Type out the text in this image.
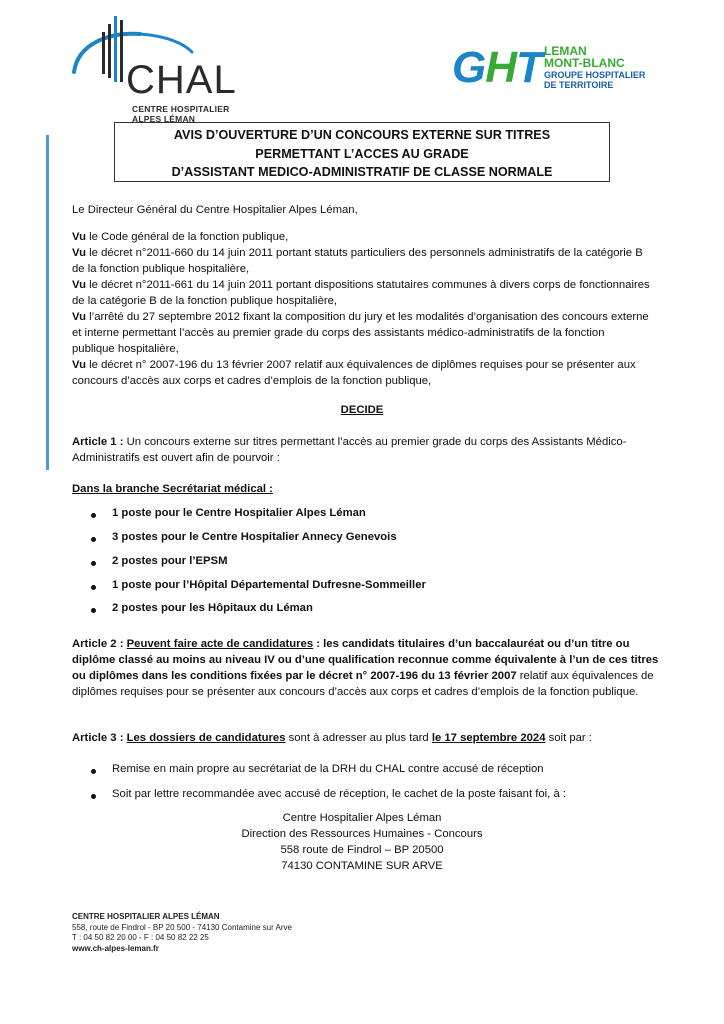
CHAL
CENTRE HOSPITALIER
ALPES LÉMAN
GHT LEMAN
MONT-BLANC
GROUPE HOSPITALIER
DE TERRITOIRE
AVIS D’OUVERTURE D’UN CONCOURS EXTERNE SUR TITRES
PERMETTANT L’ACCES AU GRADE
D’ASSISTANT MEDICO-ADMINISTRATIF DE CLASSE NORMALE
Le Directeur Général du Centre Hospitalier Alpes Léman,
Vu le Code général de la fonction publique,
Vu le décret n°2011-660 du 14 juin 2011 portant statuts particuliers des personnels administratifs de la catégorie B
de la fonction publique hospitalière,
Vu le décret n°2011-661 du 14 juin 2011 portant dispositions statutaires communes à divers corps de fonctionnaires
de la catégorie B de la fonction publique hospitalière,
Vu l’arrêté du 27 septembre 2012 fixant la composition du jury et les modalités d’organisation des concours externe
et interne permettant l’accès au premier grade du corps des assistants médico-administratifs de la fonction
publique hospitalière,
Vu le décret n° 2007-196 du 13 février 2007 relatif aux équivalences de diplômes requises pour se présenter aux
concours d’accès aux corps et cadres d’emplois de la fonction publique,
DECIDE
Article 1 : Un concours externe sur titres permettant l’accès au premier grade du corps des Assistants Médico-
Administratifs est ouvert afin de pourvoir :
Dans la branche Secrétariat médical :
1 poste pour le Centre Hospitalier Alpes Léman
3 postes pour le Centre Hospitalier Annecy Genevois
2 postes pour l’EPSM
1 poste pour l’Hôpital Départemental Dufresne-Sommeiller
2 postes pour les Hôpitaux du Léman
Article 2 : Peuvent faire acte de candidatures : les candidats titulaires d’un baccalauréat ou d’un titre ou
diplôme classé au moins au niveau IV ou d’une qualification reconnue comme équivalente à l’un de ces titres
ou diplômes dans les conditions fixées par le décret n° 2007-196 du 13 février 2007 relatif aux équivalences de
diplômes requises pour se présenter aux concours d’accès aux corps et cadres d’emplois de la fonction publique.
Article 3 : Les dossiers de candidatures sont à adresser au plus tard le 17 septembre 2024 soit par :
Remise en main propre au secrétariat de la DRH du CHAL contre accusé de réception
Soit par lettre recommandée avec accusé de réception, le cachet de la poste faisant foi, à :
Centre Hospitalier Alpes Léman
Direction des Ressources Humaines - Concours
558 route de Findrol – BP 20500
74130 CONTAMINE SUR ARVE
CENTRE HOSPITALIER ALPES LÉMAN
558, route de Findrol - BP 20 500 - 74130 Contamine sur Arve
T : 04 50 82 20 00 - F : 04 50 82 22 25
www.ch-alpes-leman.fr
